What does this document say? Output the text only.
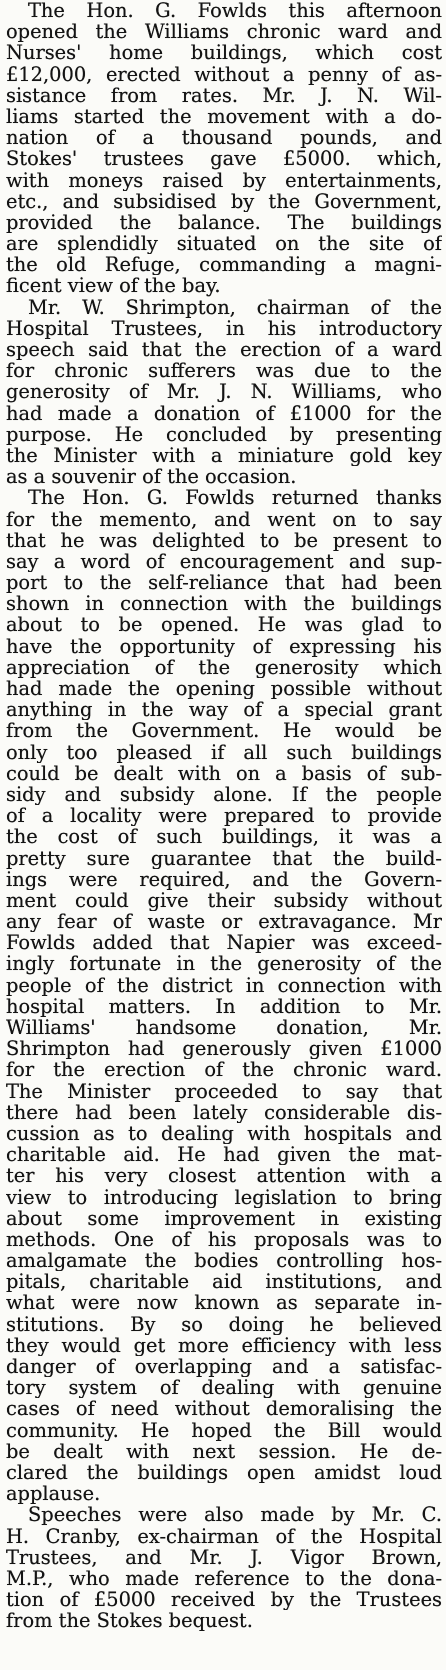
The Hon. G. Fowlds this afternoon
opened the Williams chronic ward and
Nurses' home buildings, which cost
£12,000, erected without a penny of as-
sistance from rates. Mr. J. N. Wil-
liams started the movement with a do-
nation of a thousand pounds, and
Stokes' trustees gave £5000. which,
with moneys raised by entertainments,
etc., and subsidised by the Government,
provided the balance. The buildings
are splendidly situated on the site of
the old Refuge, commanding a magni-
ficent view of the bay.
Mr. W. Shrimpton, chairman of the
Hospital Trustees, in his introductory
speech said that the erection of a ward
for chronic sufferers was due to the
generosity of Mr. J. N. Williams, who
had made a donation of £1000 for the
purpose. He concluded by presenting
the Minister with a miniature gold key
as a souvenir of the occasion.
The Hon. G. Fowlds returned thanks
for the memento, and went on to say
that he was delighted to be present to
say a word of encouragement and sup-
port to the self-reliance that had been
shown in connection with the buildings
about to be opened. He was glad to
have the opportunity of expressing his
appreciation of the generosity which
had made the opening possible without
anything in the way of a special grant
from the Government. He would be
only too pleased if all such buildings
could be dealt with on a basis of sub-
sidy and subsidy alone. If the people
of a locality were prepared to provide
the cost of such buildings, it was a
pretty sure guarantee that the build-
ings were required, and the Govern-
ment could give their subsidy without
any fear of waste or extravagance. Mr
Fowlds added that Napier was exceed-
ingly fortunate in the generosity of the
people of the district in connection with
hospital matters. In addition to Mr.
Williams' handsome donation, Mr.
Shrimpton had generously given £1000
for the erection of the chronic ward.
The Minister proceeded to say that
there had been lately considerable dis-
cussion as to dealing with hospitals and
charitable aid. He had given the mat-
ter his very closest attention with a
view to introducing legislation to bring
about some improvement in existing
methods. One of his proposals was to
amalgamate the bodies controlling hos-
pitals, charitable aid institutions, and
what were now known as separate in-
stitutions. By so doing he believed
they would get more efficiency with less
danger of overlapping and a satisfac-
tory system of dealing with genuine
cases of need without demoralising the
community. He hoped the Bill would
be dealt with next session. He de-
clared the buildings open amidst loud
applause.
Speeches were also made by Mr. C.
H. Cranby, ex-chairman of the Hospital
Trustees, and Mr. J. Vigor Brown,
M.P., who made reference to the dona-
tion of £5000 received by the Trustees
from the Stokes bequest.
